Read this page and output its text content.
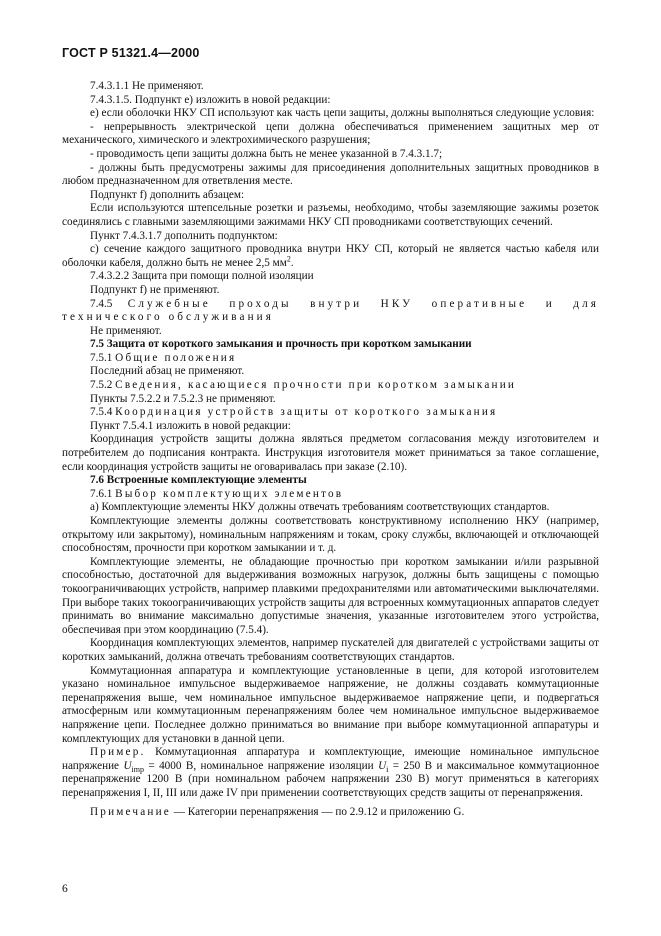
ГОСТ Р 51321.4—2000

7.4.3.1.1 Не применяют.

7.4.3.1.5. Подпункт е) изложить в новой редакции:

е) если оболочки НКУ СП используют как часть цепи защиты, должны выполняться следующие условия:

- непрерывность электрической цепи должна обеспечиваться применением защитных мер от механического, химического и электрохимического разрушения;

- проводимость цепи защиты должна быть не менее указанной в 7.4.3.1.7;

- должны быть предусмотрены зажимы для присоединения дополнительных защитных проводников в любом предназначенном для ответвления месте.

Подпункт f) дополнить абзацем:

Если используются штепсельные розетки и разъемы, необходимо, чтобы заземляющие зажимы розеток соединялись с главными заземляющими зажимами НКУ СП проводниками соответствующих сечений.

Пункт 7.4.3.1.7 дополнить подпунктом:

с) сечение каждого защитного проводника внутри НКУ СП, который не является частью кабеля или оболочки кабеля, должно быть не менее 2,5 $мм^2$.

7.4.3.2.2 Защита при помощи полной изоляции

Подпункт f) не применяют.

7.4.5 Служебные проходы внутри НКУ оперативные и для технического обслуживания

Не применяют.

7.5 Защита от короткого замыкания и прочность при коротком замыкании

7.5.1 Общие положения

Последний абзац не применяют.

7.5.2 Сведения, касающиеся прочности при коротком замыкании

Пункты 7.5.2.2 и 7.5.2.3 не применяют.

7.5.4 Координация устройств защиты от короткого замыкания

Пункт 7.5.4.1 изложить в новой редакции:

Координация устройств защиты должна являться предметом согласования между изготовителем и потребителем до подписания контракта. Инструкция изготовителя может приниматься за такое соглашение, если координация устройств защиты не оговаривалась при заказе (2.10).

7.6 Встроенные комплектующие элементы

7.6.1 Выбор комплектующих элементов

а) Комплектующие элементы НКУ должны отвечать требованиям соответствующих стандартов.

Комплектующие элементы должны соответствовать конструктивному исполнению НКУ (например, открытому или закрытому), номинальным напряжениям и токам, сроку службы, включающей и отключающей способностям, прочности при коротком замыкании и т. д.

Комплектующие элементы, не обладающие прочностью при коротком замыкании и/или разрывной способностью, достаточной для выдерживания возможных нагрузок, должны быть защищены с помощью токоограничивающих устройств, например плавкими предохранителями или автоматическими выключателями. При выборе таких токоограничивающих устройств защиты для встроенных коммутационных аппаратов следует принимать во внимание максимально допустимые значения, указанные изготовителем этого устройства, обеспечивая при этом координацию (7.5.4).

Координация комплектующих элементов, например пускателей для двигателей с устройствами защиты от коротких замыканий, должна отвечать требованиям соответствующих стандартов.

Коммутационная аппаратура и комплектующие установленные в цепи, для которой изготовителем указано номинальное импульсное выдерживаемое напряжение, не должны создавать коммутационные перенапряжения выше, чем номинальное импульсное выдерживаемое напряжение цепи, и подвергаться атмосферным или коммутационным перенапряжениям более чем номинальное импульсное выдерживаемое напряжение цепи. Последнее должно приниматься во внимание при выборе коммутационной аппаратуры и комплектующих для установки в данной цепи.

Пример. Коммутационная аппаратура и комплектующие, имеющие номинальное импульсное напряжение $U_{imp} = 4000$ В, номинальное напряжение изоляции $U_i = 250$ В и максимальное коммутационное перенапряжение 1200 В (при номинальном рабочем напряжении 230 В) могут применяться в категориях перенапряжения I, II, III или даже IV при применении соответствующих средств защиты от перенапряжения.

Примечание — Категории перенапряжения — по 2.9.12 и приложению G.

6
